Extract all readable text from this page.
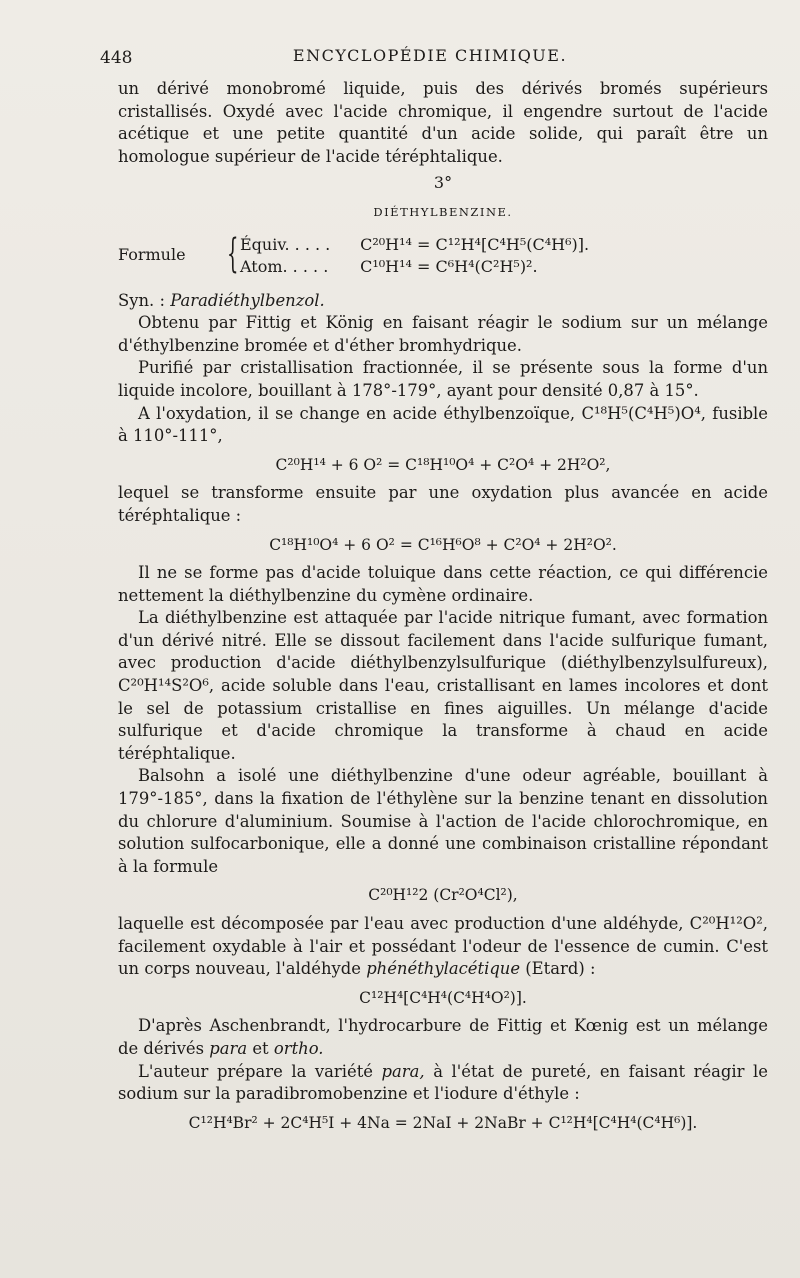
448	ENCYCLOPÉDIE CHIMIQUE.

un dérivé monobromé liquide, puis des dérivés bromés supérieurs cristallisés. Oxydé avec l'acide chromique, il engendre surtout de l'acide acétique et une petite quantité d'un acide solide, qui paraît être un homologue supérieur de l'acide téréphtalique.

3°
DIÉTHYLBENZINE.
Formule { Équiv. . . . . C²⁰H¹⁴ = C¹²H⁴[C⁴H⁵(C⁴H⁶)].
Atom. . . . . C¹⁰H¹⁴ = C⁶H⁴(C²H⁵)².

Syn. : Paradiéthylbenzol.

Obtenu par Fittig et König en faisant réagir le sodium sur un mélange d'éthylbenzine bromée et d'éther bromhydrique.

Purifié par cristallisation fractionnée, il se présente sous la forme d'un liquide incolore, bouillant à 178°-179°, ayant pour densité 0,87 à 15°.

A l'oxydation, il se change en acide éthylbenzoïque, C¹⁸H⁵(C⁴H⁵)O⁴, fusible à 110°-111°,

C²⁰H¹⁴ + 6 O² = C¹⁸H¹⁰O⁴ + C²O⁴ + 2H²O²,

lequel se transforme ensuite par une oxydation plus avancée en acide téréphtalique :

C¹⁸H¹⁰O⁴ + 6 O² = C¹⁶H⁶O⁸ + C²O⁴ + 2H²O².

Il ne se forme pas d'acide toluique dans cette réaction, ce qui différencie nettement la diéthylbenzine du cymène ordinaire.

La diéthylbenzine est attaquée par l'acide nitrique fumant, avec formation d'un dérivé nitré. Elle se dissout facilement dans l'acide sulfurique fumant, avec production d'acide diéthylbenzylsulfurique (diéthylbenzylsulfureux), C²⁰H¹⁴S²O⁶, acide soluble dans l'eau, cristallisant en lames incolores et dont le sel de potassium cristallise en fines aiguilles. Un mélange d'acide sulfurique et d'acide chromique la transforme à chaud en acide téréphtalique.

Balsohn a isolé une diéthylbenzine d'une odeur agréable, bouillant à 179°-185°, dans la fixation de l'éthylène sur la benzine tenant en dissolution du chlorure d'aluminium. Soumise à l'action de l'acide chlorochromique, en solution sulfocarbonique, elle a donné une combinaison cristalline répondant à la formule

C²⁰H¹²2 (Cr²O⁴Cl²),

laquelle est décomposée par l'eau avec production d'une aldéhyde, C²⁰H¹²O², facilement oxydable à l'air et possédant l'odeur de l'essence de cumin. C'est un corps nouveau, l'aldéhyde phénéthylacétique (Etard) :

C¹²H⁴[C⁴H⁴(C⁴H⁴O²)].

D'après Aschenbrandt, l'hydrocarbure de Fittig et Kœnig est un mélange de dérivés para et ortho.

L'auteur prépare la variété para, à l'état de pureté, en faisant réagir le sodium sur la paradibromobenzine et l'iodure d'éthyle :

C¹²H⁴Br² + 2C⁴H⁵I + 4Na = 2NaI + 2NaBr + C¹²H⁴[C⁴H⁴(C⁴H⁶)].
